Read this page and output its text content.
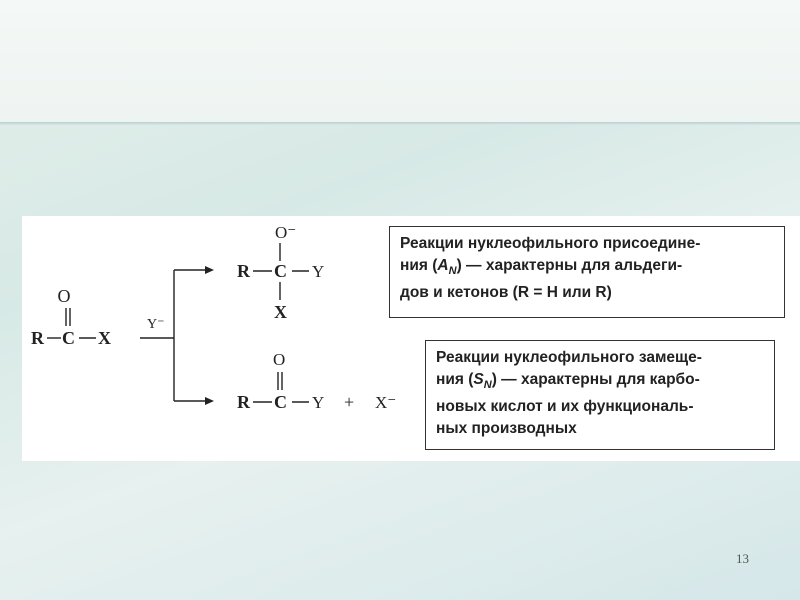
O
R C X
Y⁻
O⁻
R C Y
X
O
R C Y + X⁻
Реакции нуклеофильного присоедине-
ния $(A_N)$ — характерны для альдеги-
дов и кетонов (R = H или R)
Реакции нуклеофильного замеще-
ния $(S_N)$ — характерны для карбо-
новых кислот и их функциональ-
ных производных
13
